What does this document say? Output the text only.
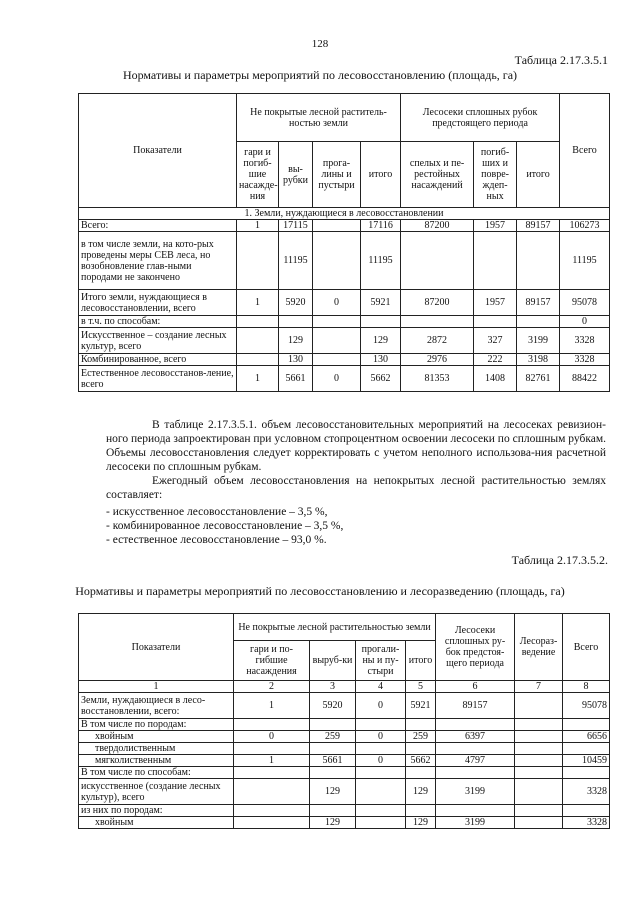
128
Таблица 2.17.3.5.1
Нормативы и параметры мероприятий по лесовосстановлению (площадь, га)
Показатели	Не покрытые лесной раститель-ностью земли				Лесосеки сплошных рубок предстоящего периода			Всего
	гари и погиб-шие насажде-ния	вы-рубки	прога-лины и пустыри	итого	спелых и пе-рестойных насаждений	погиб-ших и повре-ждеп-ных	итого	
1. Земли, нуждающиеся в лесовосстановлении								
Всего:	1	17115		17116	87200	1957	89157	106273
в том числе земли, на кото-рых проведены меры СЕВ леса, но возобновление глав-ными породами не закончено		11195		11195				11195
Итого земли, нуждающиеся в лесовосстановлении, всего	1	5920	0	5921	87200	1957	89157	95078
в т.ч. по способам:								0
Искусственное – создание лесных культур, всего		129		129	2872	327	3199	3328
Комбинированное, всего		130		130	2976	222	3198	3328
Естественное лесовосстанов-ление, всего	1	5661	0	5662	81353	1408	82761	88422
В таблице 2.17.3.5.1. объем лесовосстановительных мероприятий на лесосеках ревизион-ного периода запроектирован при условном стопроцентном освоении лесосеки по сплошным рубкам. Объемы лесовосстановления следует корректировать с учетом неполного использова-ния расчетной лесосеки по сплошным рубкам.
Ежегодный объем лесовосстановления на непокрытых лесной растительностью землях составляет:
- искусственное лесовосстановление – 3,5 %,
- комбинированное лесовосстановление – 3,5 %,
- естественное лесовосстановление – 93,0 %.
Таблица 2.17.3.5.2.
Нормативы и параметры мероприятий по лесовосстановлению и лесоразведению (площадь, га)
Показатели	Не покрытые лесной растительностью земли				Лесосеки сплошных ру-бок предстоя-щего периода	Лесораз-ведение	Всего
	гари и по-гибшие насаждения	выруб-ки	прогали-ны и пу-стыри	итого			
1	2	3	4	5	6	7	8
Земли, нуждающиеся в лесо-восстановлении, всего:	1	5920	0	5921	89157		95078
В том числе по породам:							
хвойным	0	259	0	259	6397		6656
твердолиственным							
мягколиственным	1	5661	0	5662	4797		10459
В том числе по способам:							
искусственное (создание лесных культур), всего		129		129	3199		3328
из них по породам:							
хвойным		129		129	3199		3328
